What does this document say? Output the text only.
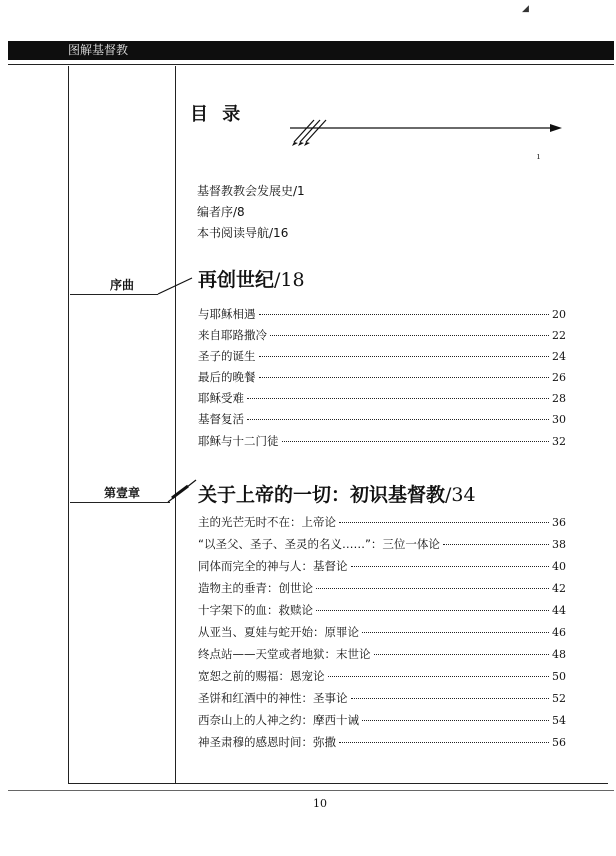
图解基督教
◢
ı
目 录
基督教教会发展史/1
编者序/8
本书阅读导航/16
序曲	再创世纪/18
与耶稣相遇	20
来自耶路撒冷	22
圣子的诞生	24
最后的晚餐	26
耶稣受难	28
基督复活	30
耶稣与十二门徒	32
第壹章	关于上帝的一切：初识基督教/34
主的光芒无时不在：上帝论	36
“以圣父、圣子、圣灵的名义……”：三位一体论	38
同体而完全的神与人：基督论	40
造物主的垂青：创世论	42
十字架下的血：救赎论	44
从亚当、夏娃与蛇开始：原罪论	46
终点站——天堂或者地狱：末世论	48
宽恕之前的赐福：恩宠论	50
圣饼和红酒中的神性：圣事论	52
西奈山上的人神之约：摩西十诫	54
神圣肃穆的感恩时间：弥撒	56
10
